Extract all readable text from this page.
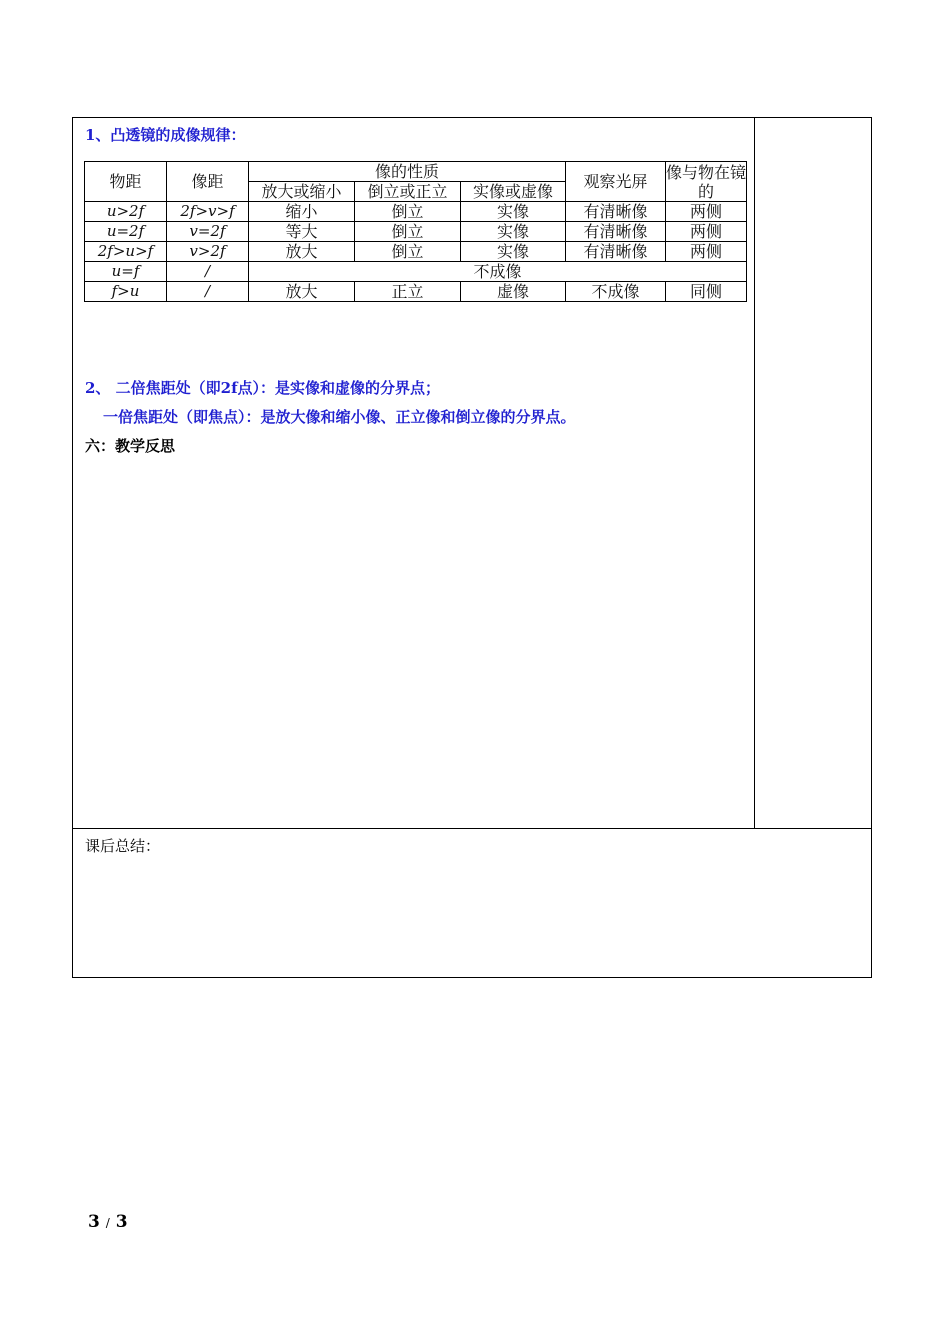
1、凸透镜的成像规律：
物距	像距	像的性质			观察光屏	像与物在镜的
		放大或缩小	倒立或正立	实像或虚像		
u>2f	2f>v>f	缩小	倒立	实像	有清晰像	两侧
u=2f	v=2f	等大	倒立	实像	有清晰像	两侧
2f>u>f	v>2f	放大	倒立	实像	有清晰像	两侧
u=f	/	不成像				
f>u	/	放大	正立	虚像	不成像	同侧
2、 二倍焦距处（即2f点）：是实像和虚像的分界点；
一倍焦距处（即焦点）：是放大像和缩小像、正立像和倒立像的分界点。
六：教学反思
课后总结：
3 / 3
